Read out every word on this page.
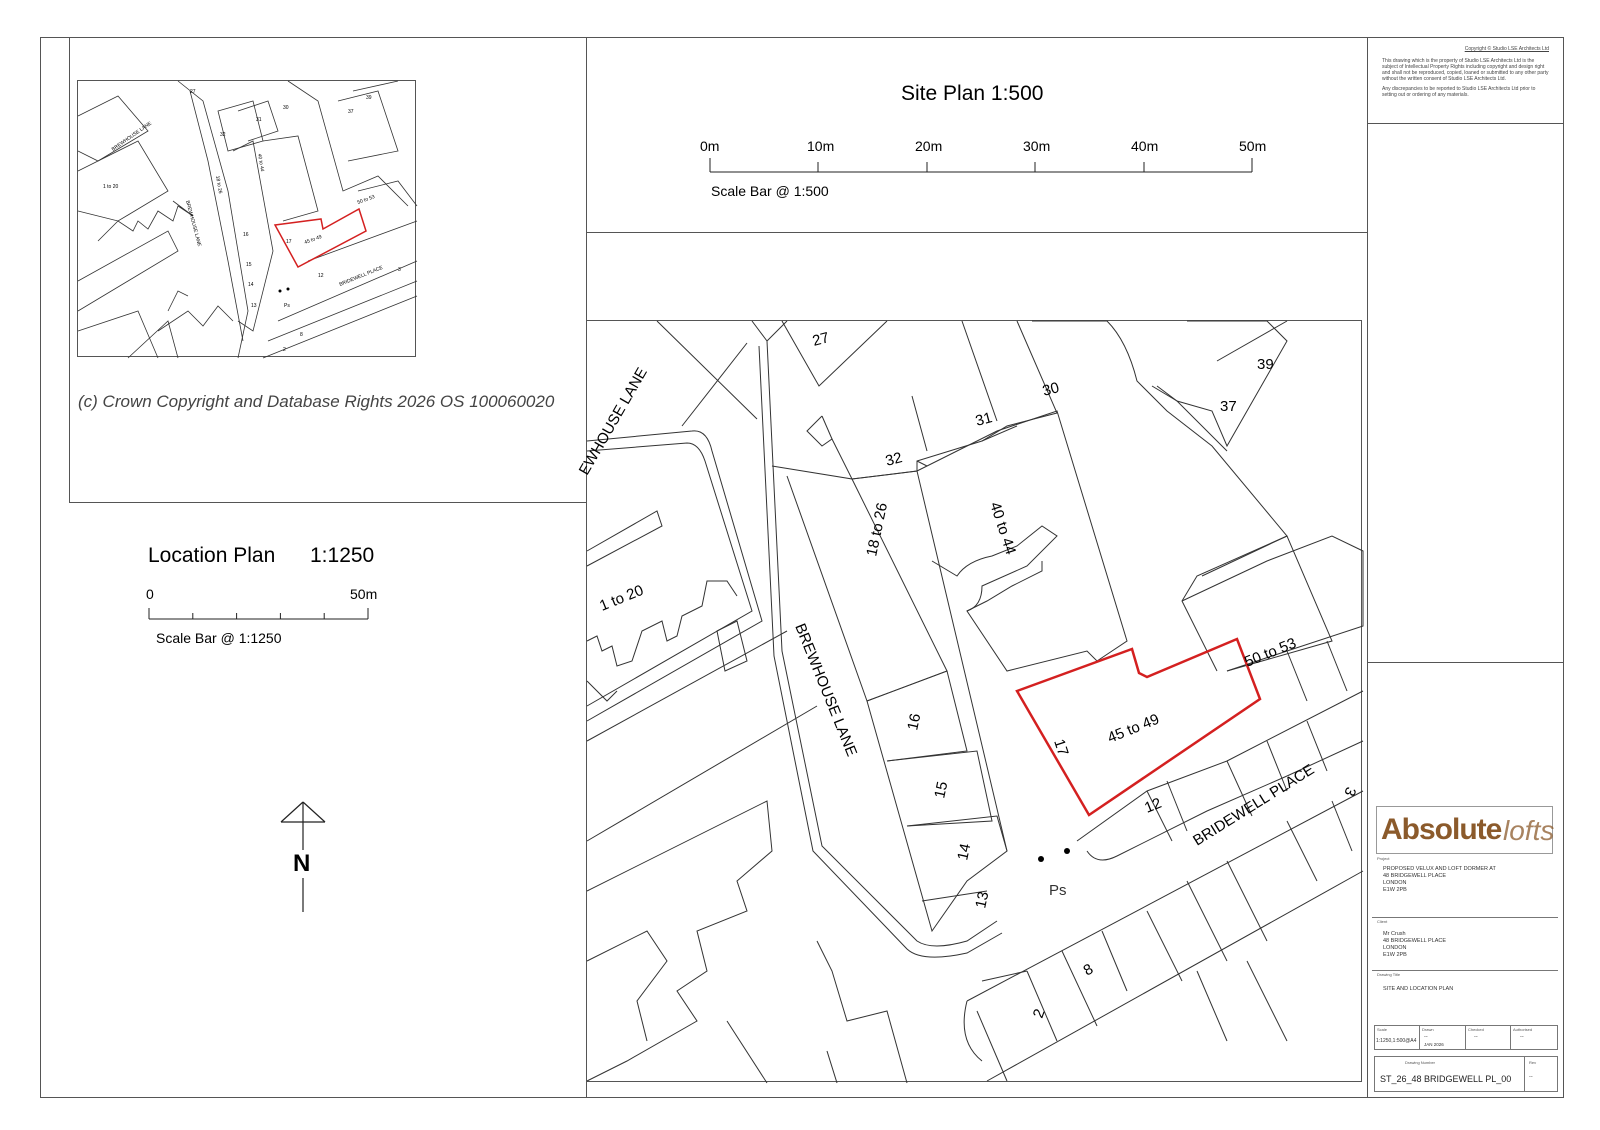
BREWHOUSE LANE
BREWHOUSE LANE
1 to 20	18 to 26
40 to 44
45 to 49
50 to 53
BRIDEWELL PLACE
27
30
31
32
37
39
17
16
15
14
13
12
8
2
3
Ps
(c) Crown Copyright and Database Rights 2026 OS 100060020
Location Plan 1:1250
0	50m
Scale Bar @ 1:1250
N
Site Plan 1:500
0m	10m	20m	30m	40m	50m
Scale Bar @ 1:500
Copyright © Studio LSE Architects Ltd
This drawing which is the property of Studio LSE Architects Ltd is the subject of Intellectual Property Rights including copyright and design right and shall not be reproduced, copied, loaned or submitted to any other party without the written consent of Studio LSE Architects Ltd.
Any discrepancies to be reported to Studio LSE Architects Ltd prior to setting out or ordering of any materials.
EWHOUSE LANE
BREWHOUSE LANE
BRIDEWELL PLACE
1 to 20
18 to 26	40 to 44
45 to 49
50 to 53
27
30
31
32
37
39
17
16
15
14
13
12
8
2
3
Ps
Absolute lofts
Project
PROPOSED VELUX AND LOFT DORMER AT
48 BRIDGEWELL PLACE
LONDON
E1W 2PB
Client
Mr Crush
48 BRIDGEWELL PLACE
LONDON
E1W 2PB
Drawing Title
SITE AND LOCATION PLAN
Scale
1:1250,1:500@A4
Drawn
--
JAN 2026
Checked
--
Authorised
--
Drawing Number
ST_26_48 BRIDGEWELL PL_00
Rev
--
